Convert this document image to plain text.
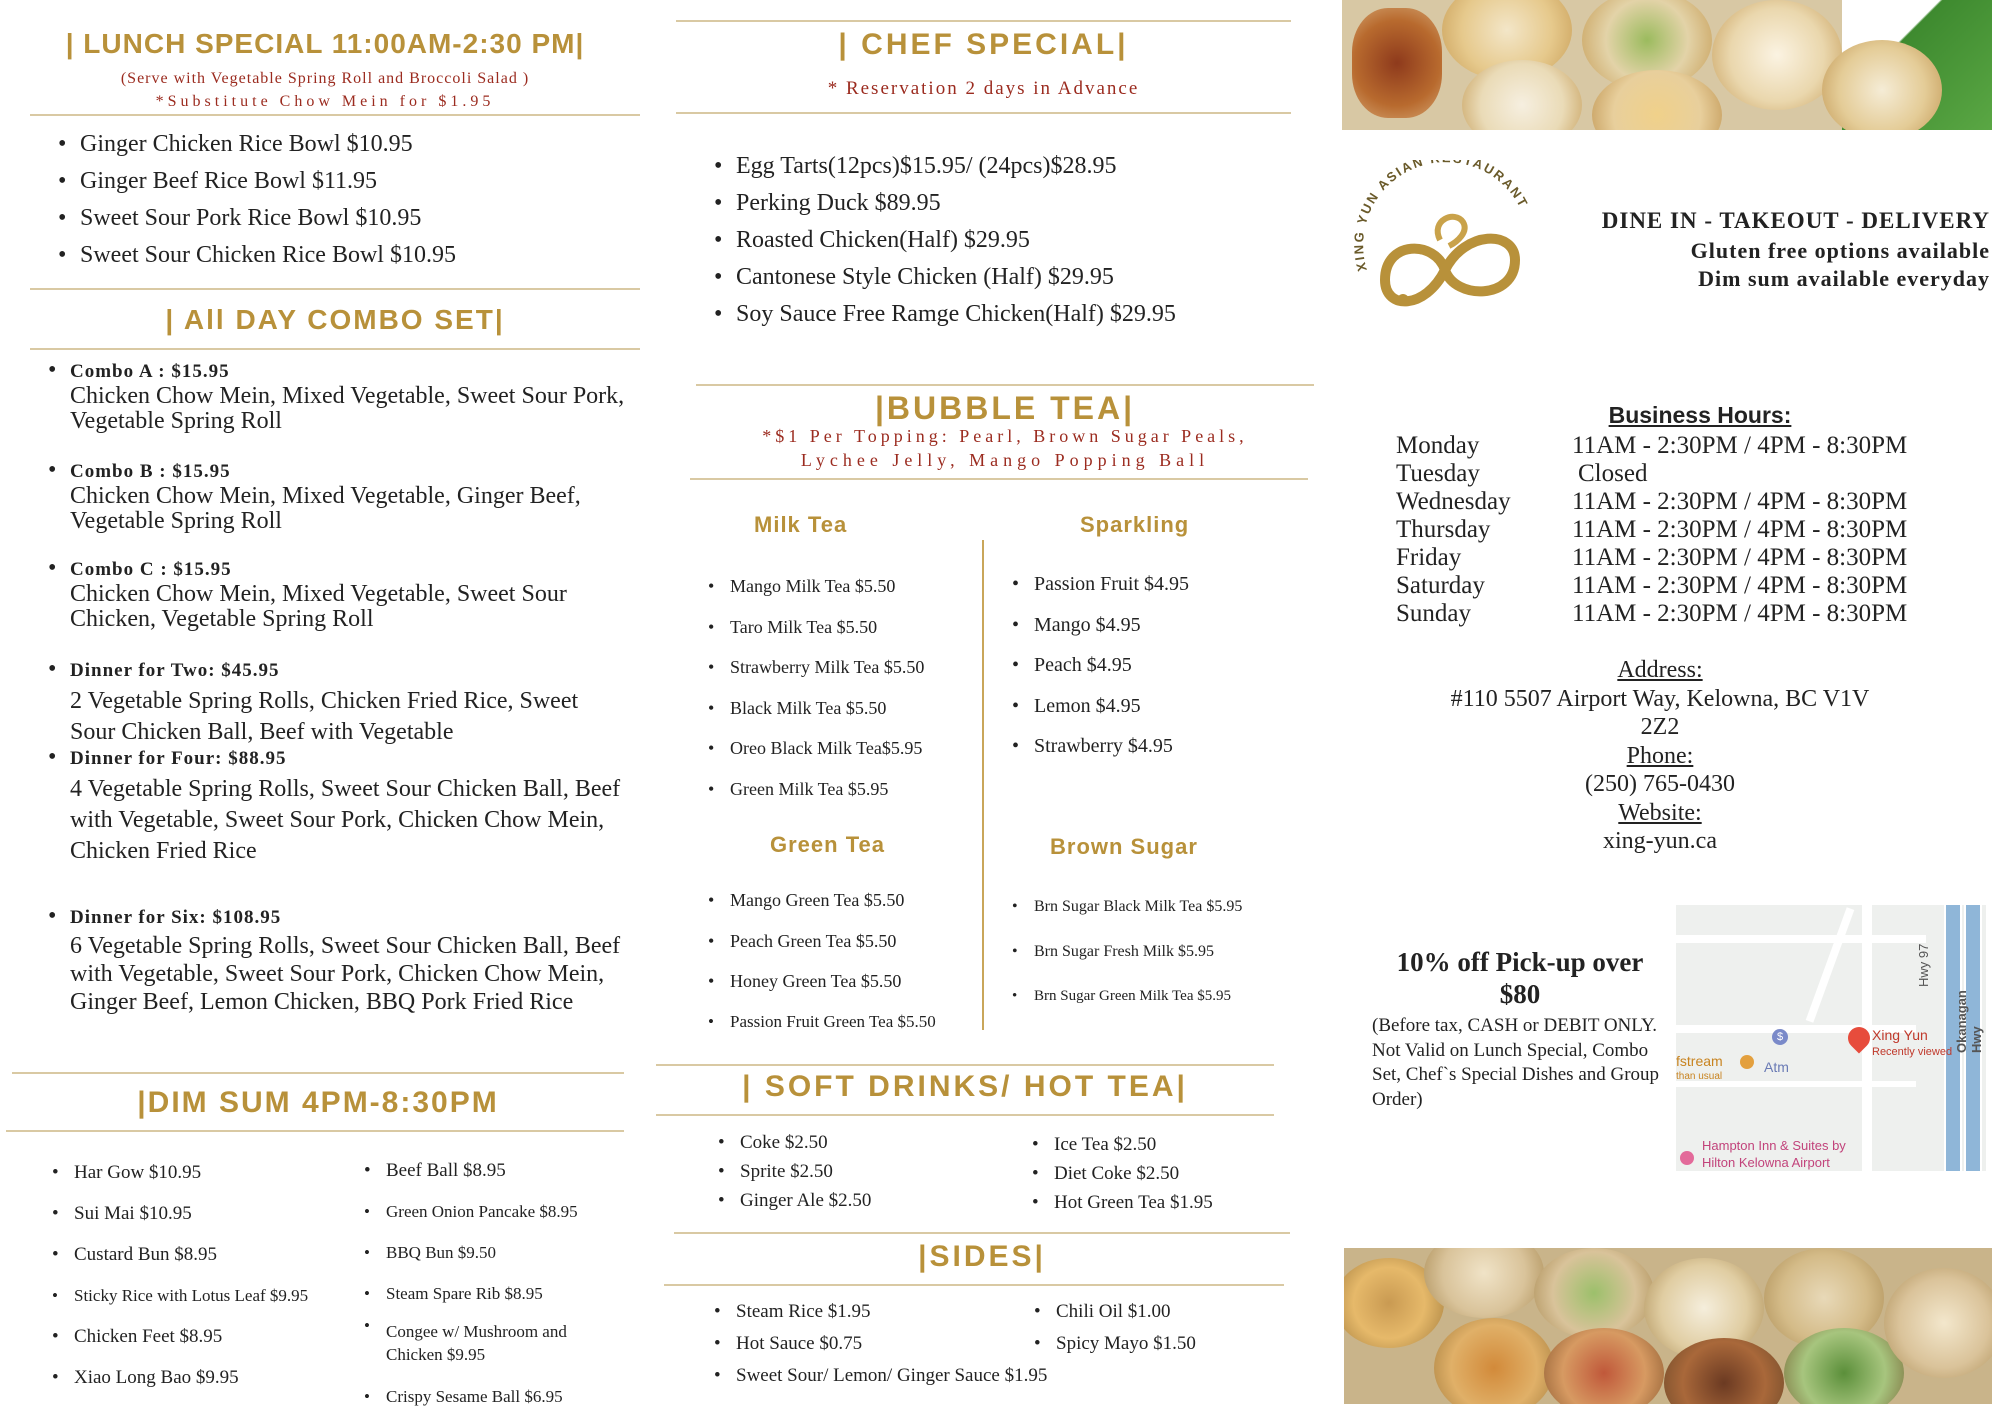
| LUNCH SPECIAL 11:00AM-2:30 PM|
(Serve with Vegetable Spring Roll and Broccoli Salad )
*Substitute Chow Mein for $1.95
• Ginger Chicken Rice Bowl $10.95
• Ginger Beef Rice Bowl $11.95
• Sweet Sour Pork Rice Bowl $10.95
• Sweet Sour Chicken Rice Bowl $10.95
| All DAY COMBO SET|
• Combo A : $15.95
Chicken Chow Mein, Mixed Vegetable, Sweet Sour Pork, Vegetable Spring Roll
• Combo B : $15.95
Chicken Chow Mein, Mixed Vegetable, Ginger Beef, Vegetable Spring Roll
• Combo C : $15.95
Chicken Chow Mein, Mixed Vegetable, Sweet Sour Chicken, Vegetable Spring Roll
• Dinner for Two: $45.95
2 Vegetable Spring Rolls, Chicken Fried Rice, Sweet Sour Chicken Ball, Beef with Vegetable
• Dinner for Four: $88.95
4 Vegetable Spring Rolls, Sweet Sour Chicken Ball, Beef with Vegetable, Sweet Sour Pork, Chicken Chow Mein, Chicken Fried Rice
• Dinner for Six: $108.95
6 Vegetable Spring Rolls, Sweet Sour Chicken Ball, Beef with Vegetable, Sweet Sour Pork, Chicken Chow Mein, Ginger Beef, Lemon Chicken, BBQ Pork Fried Rice
|DIM SUM 4PM-8:30PM
• Har Gow $10.95
• Sui Mai $10.95
• Custard Bun $8.95
• Sticky Rice with Lotus Leaf $9.95
• Chicken Feet $8.95
• Xiao Long Bao $9.95
• Beef Ball $8.95
• Green Onion Pancake $8.95
• BBQ Bun $9.50
• Steam Spare Rib $8.95
• Congee w/ Mushroom and Chicken $9.95
• Crispy Sesame Ball $6.95
| CHEF SPECIAL|
* Reservation 2 days in Advance
• Egg Tarts(12pcs)$15.95/ (24pcs)$28.95
• Perking Duck $89.95
• Roasted Chicken(Half) $29.95
• Cantonese Style Chicken (Half) $29.95
• Soy Sauce Free Ramge Chicken(Half) $29.95
|BUBBLE TEA|
*$1 Per Topping: Pearl, Brown Sugar Peals,
Lychee Jelly, Mango Popping Ball
Milk Tea
• Mango Milk Tea $5.50
• Taro Milk Tea $5.50
• Strawberry Milk Tea $5.50
• Black Milk Tea $5.50
• Oreo Black Milk Tea$5.95
• Green Milk Tea $5.95
Sparkling
• Passion Fruit $4.95
• Mango $4.95
• Peach $4.95
• Lemon $4.95
• Strawberry $4.95
Green Tea
• Mango Green Tea $5.50
• Peach Green Tea $5.50
• Honey Green Tea $5.50
• Passion Fruit Green Tea $5.50
Brown Sugar
• Brn Sugar Black Milk Tea $5.95
• Brn Sugar Fresh Milk $5.95
• Brn Sugar Green Milk Tea $5.95
| SOFT DRINKS/ HOT TEA|
• Coke $2.50
• Sprite $2.50
• Ginger Ale $2.50
• Ice Tea $2.50
• Diet Coke $2.50
• Hot Green Tea $1.95
|SIDES|
• Steam Rice $1.95
• Hot Sauce $0.75
• Sweet Sour/ Lemon/ Ginger Sauce $1.95
• Chili Oil $1.00
• Spicy Mayo $1.50
XING YUN ASIAN TAURANT
DINE IN - TAKEOUT - DELIVERY
Gluten free options available
Dim sum available everyday
Business Hours:
Monday	11AM - 2:30PM / 4PM - 8:30PM
Tuesday	Closed
Wednesday	11AM - 2:30PM / 4PM - 8:30PM
Thursday	11AM - 2:30PM / 4PM - 8:30PM
Friday	11AM - 2:30PM / 4PM - 8:30PM
Saturday	11AM - 2:30PM / 4PM - 8:30PM
Sunday	11AM - 2:30PM / 4PM - 8:30PM
Address:
#110 5507 Airport Way, Kelowna, BC V1V 2Z2
Phone:
(250) 765-0430
Website:
xing-yun.ca
10% off Pick-up over $80
(Before tax, CASH or DEBIT ONLY. Not Valid on Lunch Special, Combo Set, Chef`s Special Dishes and Group Order)
Hwy 97
Okanagan Hwy
$
Atm
fstream
than usual
Xing Yun
Recently viewed
Hampton Inn & Suites by
Hilton Kelowna Airport
